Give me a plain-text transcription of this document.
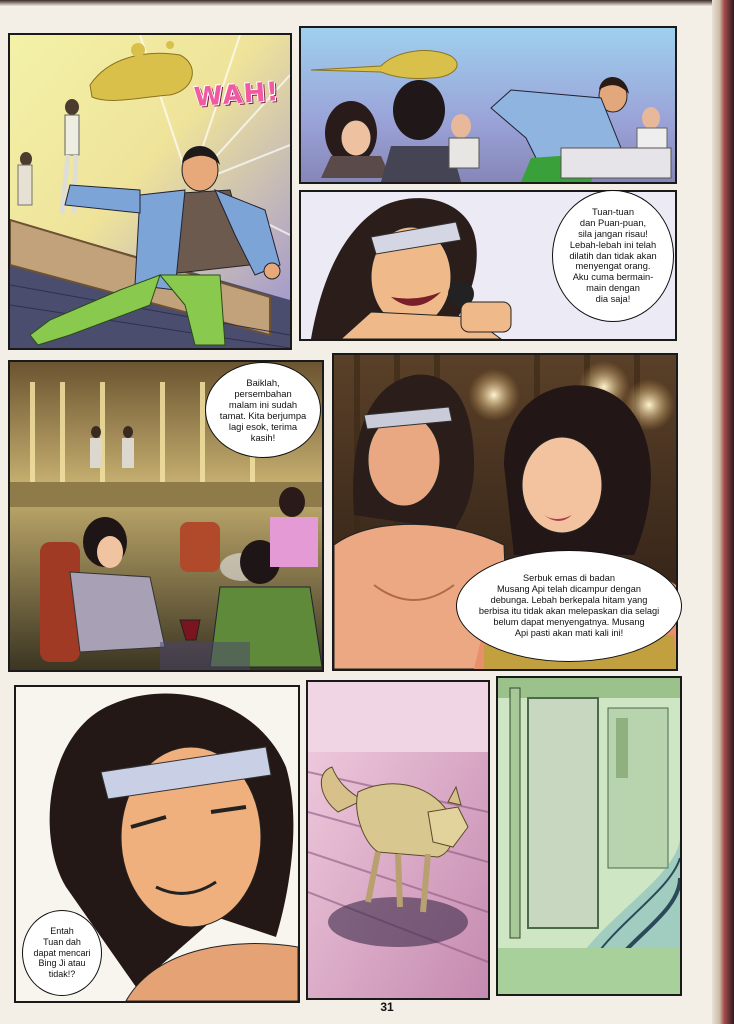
WAH!
Tuan-tuan
dan Puan-puan,
sila jangan risau!
Lebah-lebah ini telah
dilatih dan tidak akan
menyengat orang.
Aku cuma bermain-
main dengan
dia saja!
Baiklah,
persembahan
malam ini sudah
tamat. Kita berjumpa
lagi esok, terima
kasih!
Serbuk emas di badan
Musang Api telah dicampur dengan
debunga. Lebah berkepala hitam yang
berbisa itu tidak akan melepaskan dia selagi
belum dapat menyengatnya. Musang
Api pasti akan mati kali ini!
Entah
Tuan dah
dapat mencari
Bing Ji atau
tidak!?
31
